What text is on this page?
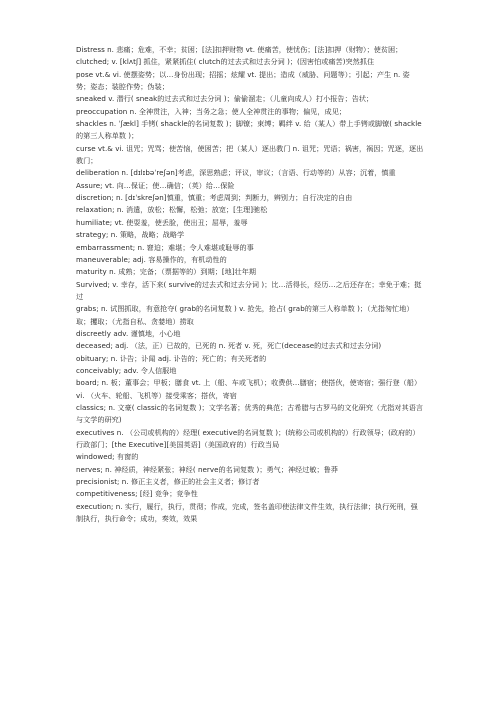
Distress n. 悲痛；危难，不幸；贫困；[法]扣押财物 vt. 使痛苦，使忧伤；[法]扣押（财物）；使贫困；

clutched; v. [klʌtʃ] 抓住，紧紧抓住( clutch的过去式和过去分词 )；(因害怕或痛苦)突然抓住

pose vt.& vi. 使摆姿势；以…身份出现；招摇；炫耀 vt. 提出；造成（威胁、问题等）；引起；产生 n. 姿势；姿态；装腔作势；伪装；

sneaked v. 潜行( sneak的过去式和过去分词 )；偷偷溜走；（儿童向成人）打小报告；告状；

preoccupation n. 全神贯注，入神；当务之急；使人全神贯注的事物；偏见，成见；

shackles n. ˈʃækl] 手铐( shackle的名词复数 )；脚镣；束缚；羁绊 v. 给（某人）带上手铐或脚镣( shackle的第三人称单数 )；

curse vt.& vi. 诅咒；咒骂；使苦恼，使困苦；把（某人）逐出教门 n. 诅咒；咒语；祸害，祸因；咒逐，逐出教门；

deliberation n. [dɪlɪbəˈreʃən]考虑，深思熟虑；评议，审议；（言语、行动等的）从容；沉着，慎重

Assure; vt. 向…保证；使…确信；（英）给…保险

discretion; n. [dɪˈskreʃən]慎重，慎重；考虑周到；判断力，辨别力；自行决定的自由

relaxation; n. 消遣，放松；松懈，松弛；放宽；[生理]驰松

humiliate; vt. 使耍羞，使丢脸，使出丑；屈辱，羞辱

strategy; n. 策略，战略；战略学

embarrassment; n. 窘迫；难堪；令人难堪或耻辱的事

maneuverable; adj. 容易操作的，有机动性的

maturity n. 成熟；完备；（票据等的）到期；[地]壮年期

Survived; v. 幸存，活下来( survive的过去式和过去分词 )；比…活得长，经历…之后还存在；幸免于难；挺过

grabs; n. 试图抓取，有意抢夺( grab的名词复数 ) v. 抢先，抢占( grab的第三人称单数 )；（尤指匆忙地）取；攫取；（尤指自私、贪婪地）捞取

discreetly adv. 谨慎地，小心地

deceased; adj. （法，正）已故的，已死的 n. 死者 v. 死，死亡(decease的过去式和过去分词)

obituary; n. 讣告；讣闻 adj. 讣告的；死亡的；有关死者的

conceivably; adv. 令人信服地

board; n. 板；董事会；甲板；膳食 vt. 上（船、车或飞机）；收费供…膳宿；使搭伙，使寄宿；强行登（船） vi. （火车、轮船、飞机等）接受乘客；搭伙，寄宿

classics; n. 文豪( classic的名词复数 )；文学名著；优秀的典范；古希腊与古罗马的文化研究（尤指对其语言与文学的研究)

executives n. （公司或机构的）经理( executive的名词复数 )；(统称公司或机构的）行政领导；(政府的）行政部门；[the Executive][美国英语]（美国政府的）行政当局

windowed; 有窗的

nerves; n. 神经质，神经紧张；神经( nerve的名词复数 )；勇气；神经过敏；鲁莽

precisionist; n. 修正主义者，修正的社会主义者；修订者

competitiveness; [经] 竞争；竞争性

execution; n. 实行，履行，执行，贯彻；作成，完成，签名盖印使法律文件生效，执行法律；执行死刑，强制执行，执行命令；成功，奏效，效果
